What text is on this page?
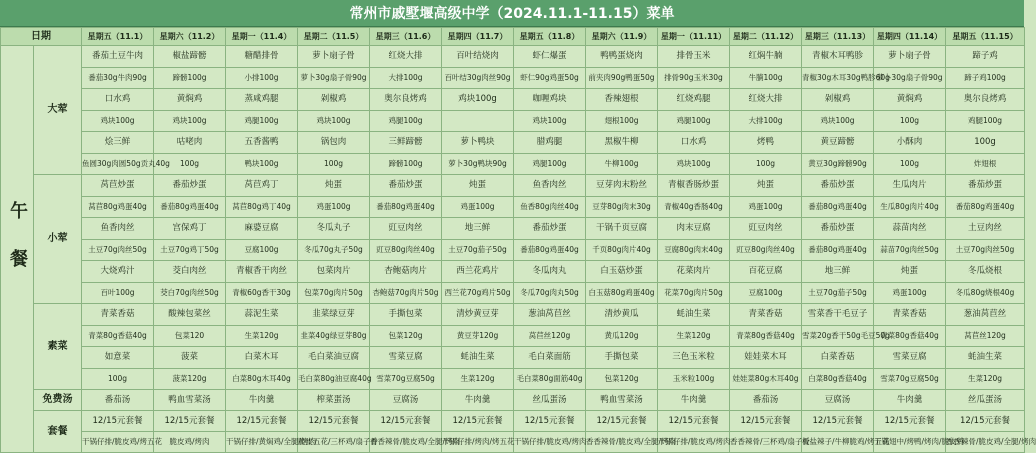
常州市戚墅堰高级中学（2024.11.1-11.15）菜单
日期		星期五（11.1）	星期六（11.2）	星期一（11.4）	星期二（11.5）	星期三（11.6）	星期四（11.7）	星期五（11.8）	星期六（11.9）	星期一（11.11）	星期二（11.12）	星期三（11.13）	星期四（11.14）	星期五（11.15）
午餐	大荤	番茄土豆牛肉	椒盐蹄髈	糖醋排骨	萝卜扇子骨	红烧大排	百叶结烧肉	虾仁爆蛋	鸭鸭蛋烧肉	排骨玉米	红焖牛腩	青椒木耳鸭胗	萝卜扇子骨	蹄子鸡
		番茄30g牛肉90g	蹄髈100g	小排100g	萝卜30g扇子骨90g	大排100g	百叶结30g肉丝90g	虾仁90g鸡蛋50g	前夹肉90g鸭蛋50g	排骨90g玉米30g	牛腩100g	青椒30g木耳30g鸭胗60g	萝卜30g扇子骨90g	蹄子鸡100g
		口水鸡	黄焖鸡	蒸咸鸡腿	剁椒鸡	奥尔良烤鸡	鸡块100g	咖喱鸡块	香辣翅根	红烧鸡腿	红烧大排	剁椒鸡	黄焖鸡	奥尔良烤鸡
		鸡块100g	鸡块100g	鸡腿100g	鸡块100g	鸡腿100g		鸡块100g	翅根100g	鸡腿100g	大排100g	鸡块100g	100g	鸡腿100g
		烩三鲜	咕咾肉	五香酱鸭	锅包肉	三鲜蹄髈	萝卜鸭块	腊鸡腿	黑椒牛柳	口水鸡	烤鸭	黄豆蹄髈	小酥肉	100g
		鱼圆30g肉圆50g贡丸40g	100g	鸭块100g	100g	蹄髈100g	萝卜30g鸭块90g	鸡腿100g	牛柳100g	鸡块100g	100g	黄豆30g蹄髈90g	100g	炸翅根
	小荤	莴苣炒蛋	番茄炒蛋	莴苣鸡丁	炖蛋	番茄炒蛋	炖蛋	鱼香肉丝	豆芽肉末粉丝	青椒香肠炒蛋	炖蛋	番茄炒蛋	生瓜肉片	番茄炒蛋
		莴苣80g鸡蛋40g	番茄80g鸡蛋40g	莴苣80g鸡丁40g	鸡蛋100g	番茄80g鸡蛋40g	鸡蛋100g	鱼香80g肉丝40g	豆芽80g肉末30g	青椒40g香肠40g	鸡蛋100g	番茄80g鸡蛋40g	生瓜80g肉片40g	番茄80g鸡蛋40g
		鱼香肉丝	宫保鸡丁	麻婆豆腐	冬瓜丸子	豇豆肉丝	地三鲜	番茄炒蛋	干锅千页豆腐	肉末豆腐	豇豆肉丝	番茄炒蛋	蒜苗肉丝	土豆肉丝
		土豆70g肉丝50g	土豆70g鸡丁50g	豆腐100g	冬瓜70g丸子50g	豇豆80g肉丝40g	土豆70g茄子50g	番茄80g鸡蛋40g	千页80g肉片40g	豆腐80g肉末40g	豇豆80g肉丝40g	番茄80g鸡蛋40g	蒜苗70g肉丝50g	土豆70g肉丝50g
		大烧鸡汁	茭白肉丝	青椒香干肉丝	包菜肉片	杏鲍菇肉片	西兰花鸡片	冬瓜肉丸	白玉菇炒蛋	花菜肉片	百花豆腐	地三鲜	炖蛋	冬瓜烧根
		百叶100g	茭白70g肉丝50g	青椒60g香干30g	包菜70g肉片50g	杏鲍菇70g肉片50g	西兰花70g鸡片50g	冬瓜70g肉丸50g	白玉菇80g鸡蛋40g	花菜70g肉片50g	豆腐100g	土豆70g茄子50g	鸡蛋100g	冬瓜80g烧根40g
	素菜	青菜香菇	酸辣包菜丝	蒜泥生菜	韭菜绿豆芽	手撕包菜	清炒黄豆芽	葱油莴苣丝	清炒黄瓜	蚝油生菜	青菜香菇	雪菜香干毛豆子	青菜香菇	葱油莴苣丝
		青菜80g香菇40g	包菜120	生菜120g	韭菜40g绿豆芽80g	包菜120g	黄豆芽120g	莴苣丝120g	黄瓜120g	生菜120g	青菜80g香菇40g	雪菜20g香干50g毛豆50g	青菜80g香菇40g	莴苣丝120g
		如意菜	菠菜	白菜木耳	毛白菜油豆腐	雪菜豆腐	蚝油生菜	毛白菜面筋	手撕包菜	三色玉米粒	娃娃菜木耳	白菜香菇	雪菜豆腐	蚝油生菜
		100g	菠菜120g	白菜80g木耳40g	毛白菜80g油豆腐40g	雪菜70g豆腐50g	生菜120g	毛白菜80g面筋40g	包菜120g	玉米粒100g	娃娃菜80g木耳40g	白菜80g香菇40g	雪菜70g豆腐50g	生菜120g
	免费汤	番茄汤	鸭血雪菜汤	牛肉羹	榨菜蛋汤	豆腐汤	牛肉羹	丝瓜蛋汤	鸭血雪菜汤	牛肉羹	番茄汤	豆腐汤	牛肉羹	丝瓜蛋汤
	套餐	12/15元套餐	12/15元套餐	12/15元套餐	12/15元套餐	12/15元套餐	12/15元套餐	12/15元套餐	12/15元套餐	12/15元套餐	12/15元套餐	12/15元套餐	12/15元套餐	12/15元套餐
		干锅仔排/脆皮鸡/烤五花	脆皮鸡/烤肉	干锅仔排/黄焖鸡/全腿/烤肉	脆皮五花/三杯鸡/扇子骨	香香辣骨/脆皮鸡/全腿/烤肉	干锅仔排/烤肉/烤五花	干锅仔排/脆皮鸡/烤肉	香香辣骨/脆皮鸡/全腿/烤肉	干锅仔排/脆皮鸡/烤肉	香香辣骨/三杯鸡/扇子骨	板盐辣子/牛柳脆鸡/烤五花	干锅翅中/烤鸭/烤肉/脆皮鸡	香香辣骨/脆皮鸡/全腿/烤肉
